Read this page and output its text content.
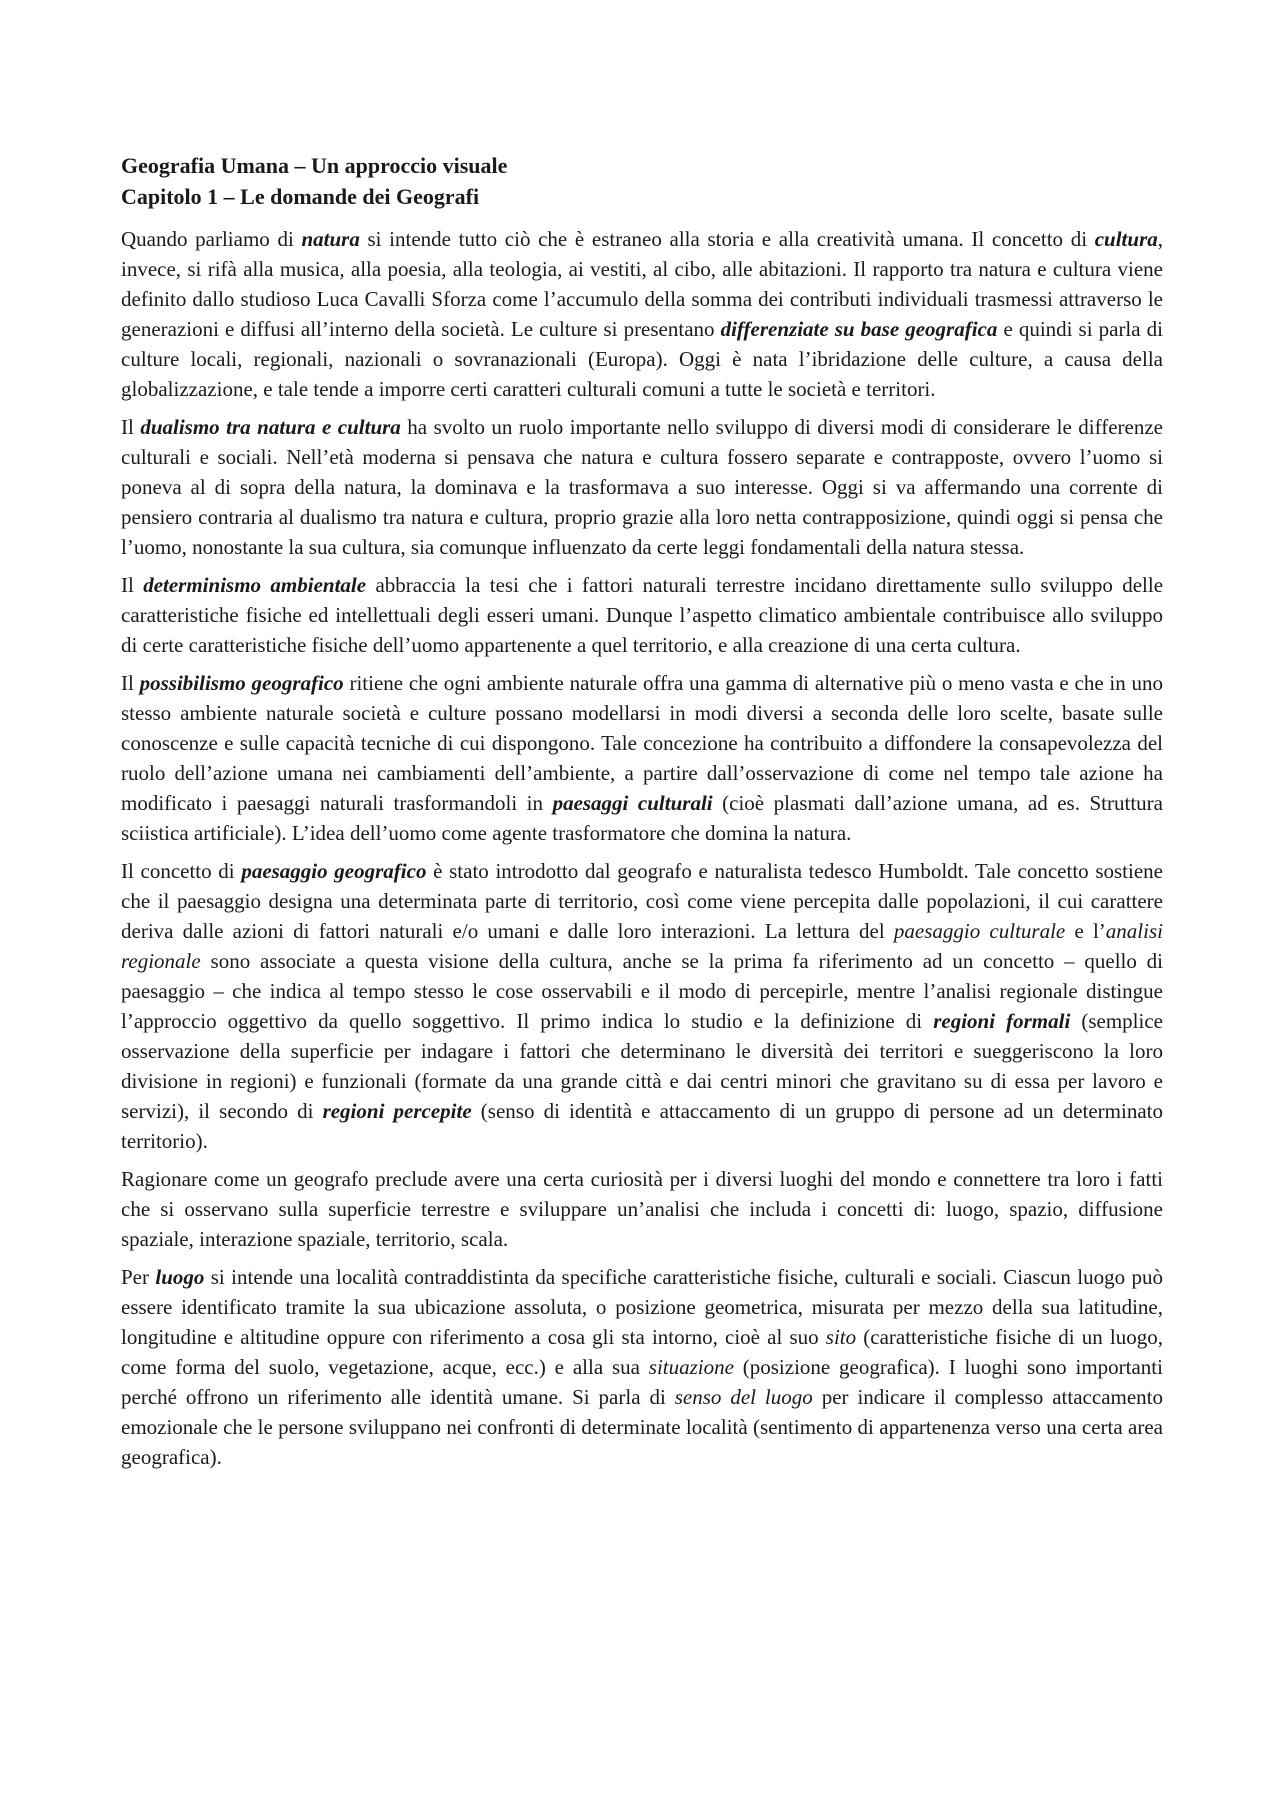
Geografia Umana – Un approccio visuale
Capitolo 1 – Le domande dei Geografi

Quando parliamo di natura si intende tutto ciò che è estraneo alla storia e alla creatività umana. Il concetto di cultura, invece, si rifà alla musica, alla poesia, alla teologia, ai vestiti, al cibo, alle abitazioni. Il rapporto tra natura e cultura viene definito dallo studioso Luca Cavalli Sforza come l’accumulo della somma dei contributi individuali trasmessi attraverso le generazioni e diffusi all’interno della società. Le culture si presentano differenziate su base geografica e quindi si parla di culture locali, regionali, nazionali o sovranazionali (Europa). Oggi è nata l’ibridazione delle culture, a causa della globalizzazione, e tale tende a imporre certi caratteri culturali comuni a tutte le società e territori.

Il dualismo tra natura e cultura ha svolto un ruolo importante nello sviluppo di diversi modi di considerare le differenze culturali e sociali. Nell’età moderna si pensava che natura e cultura fossero separate e contrapposte, ovvero l’uomo si poneva al di sopra della natura, la dominava e la trasformava a suo interesse. Oggi si va affermando una corrente di pensiero contraria al dualismo tra natura e cultura, proprio grazie alla loro netta contrapposizione, quindi oggi si pensa che l’uomo, nonostante la sua cultura, sia comunque influenzato da certe leggi fondamentali della natura stessa.

Il determinismo ambientale abbraccia la tesi che i fattori naturali terrestre incidano direttamente sullo sviluppo delle caratteristiche fisiche ed intellettuali degli esseri umani. Dunque l’aspetto climatico ambientale contribuisce allo sviluppo di certe caratteristiche fisiche dell’uomo appartenente a quel territorio, e alla creazione di una certa cultura.

Il possibilismo geografico ritiene che ogni ambiente naturale offra una gamma di alternative più o meno vasta e che in uno stesso ambiente naturale società e culture possano modellarsi in modi diversi a seconda delle loro scelte, basate sulle conoscenze e sulle capacità tecniche di cui dispongono. Tale concezione ha contribuito a diffondere la consapevolezza del ruolo dell’azione umana nei cambiamenti dell’ambiente, a partire dall’osservazione di come nel tempo tale azione ha modificato i paesaggi naturali trasformandoli in paesaggi culturali (cioè plasmati dall’azione umana, ad es. Struttura sciistica artificiale). L’idea dell’uomo come agente trasformatore che domina la natura.

Il concetto di paesaggio geografico è stato introdotto dal geografo e naturalista tedesco Humboldt. Tale concetto sostiene che il paesaggio designa una determinata parte di territorio, così come viene percepita dalle popolazioni, il cui carattere deriva dalle azioni di fattori naturali e/o umani e dalle loro interazioni. La lettura del paesaggio culturale e l’analisi regionale sono associate a questa visione della cultura, anche se la prima fa riferimento ad un concetto – quello di paesaggio – che indica al tempo stesso le cose osservabili e il modo di percepirle, mentre l’analisi regionale distingue l’approccio oggettivo da quello soggettivo. Il primo indica lo studio e la definizione di regioni formali (semplice osservazione della superficie per indagare i fattori che determinano le diversità dei territori e sueggeriscono la loro divisione in regioni) e funzionali (formate da una grande città e dai centri minori che gravitano su di essa per lavoro e servizi), il secondo di regioni percepite (senso di identità e attaccamento di un gruppo di persone ad un determinato territorio).

Ragionare come un geografo preclude avere una certa curiosità per i diversi luoghi del mondo e connettere tra loro i fatti che si osservano sulla superficie terrestre e sviluppare un’analisi che includa i concetti di: luogo, spazio, diffusione spaziale, interazione spaziale, territorio, scala.

Per luogo si intende una località contraddistinta da specifiche caratteristiche fisiche, culturali e sociali. Ciascun luogo può essere identificato tramite la sua ubicazione assoluta, o posizione geometrica, misurata per mezzo della sua latitudine, longitudine e altitudine oppure con riferimento a cosa gli sta intorno, cioè al suo sito (caratteristiche fisiche di un luogo, come forma del suolo, vegetazione, acque, ecc.) e alla sua situazione (posizione geografica). I luoghi sono importanti perché offrono un riferimento alle identità umane. Si parla di senso del luogo per indicare il complesso attaccamento emozionale che le persone sviluppano nei confronti di determinate località (sentimento di appartenenza verso una certa area geografica).
